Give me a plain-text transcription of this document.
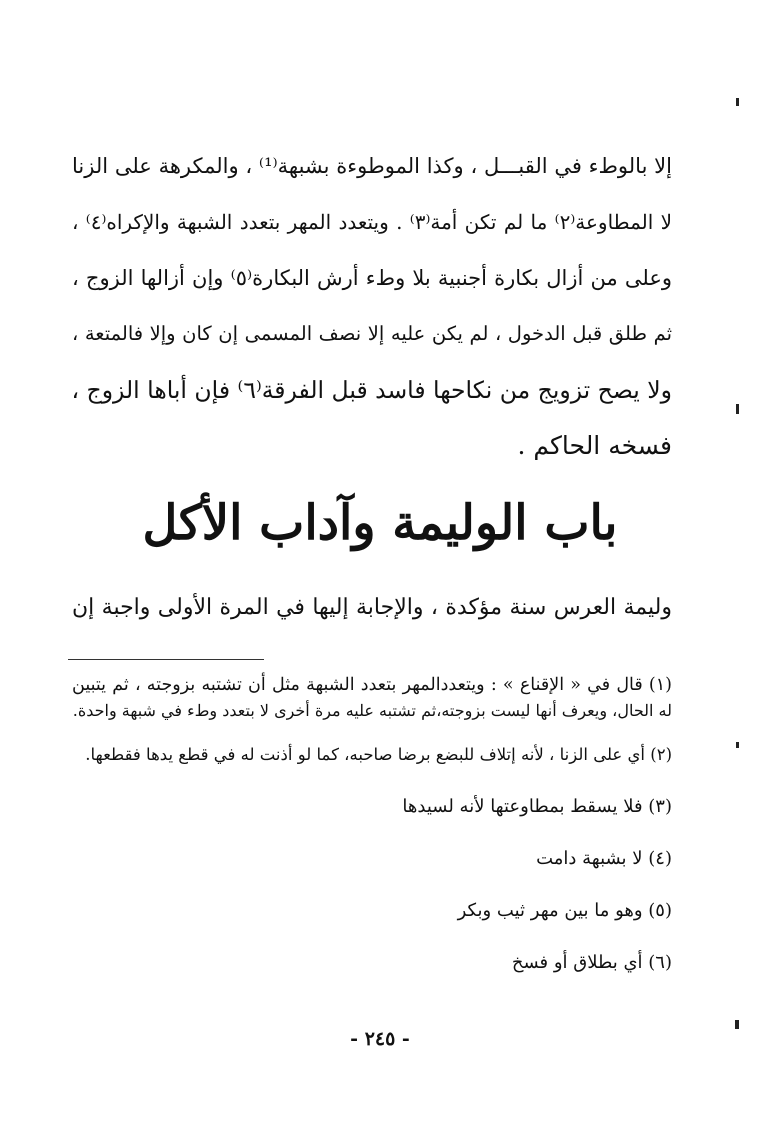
إلا بالوطء في القبـــل ، وكذا الموطوءة بشبهة⁽¹⁾ ، والمكرهة على الزنا
لا المطاوعة⁽٢⁾ ما لم تكن أمة⁽٣⁾ . ويتعدد المهر بتعدد الشبهة والإكراه⁽٤⁾ ،
وعلى من أزال بكارة أجنبية بلا وطء أرش البكارة⁽٥⁾ وإن أزالها الزوج ،
ثم طلق قبل الدخول ، لم يكن عليه إلا نصف المسمى إن كان وإلا فالمتعة ،
ولا يصح تزويج من نكاحها فاسد قبل الفرقة⁽٦⁾ فإن أباها الزوج ،
فسخه الحاكم .
باب الوليمة وآداب الأكل
وليمة العرس سنة مؤكدة ، والإجابة إليها في المرة الأولى واجبة إن
(١) قال في « الإقناع » : ويتعددالمهر بتعدد الشبهة مثل أن تشتبه بزوجته ، ثم يتبين
له الحال، ويعرف أنها ليست بزوجته،ثم تشتبه عليه مرة أخرى لا بتعدد وطء في شبهة واحدة.
(٢) أي على الزنا ، لأنه إتلاف للبضع برضا صاحبه، كما لو أذنت له في قطع يدها فقطعها.
(٣) فلا يسقط بمطاوعتها لأنه لسيدها
(٤) لا بشبهة دامت
(٥) وهو ما بين مهر ثيب وبكر
(٦) أي بطلاق أو فسخ
- ٢٤٥ -
